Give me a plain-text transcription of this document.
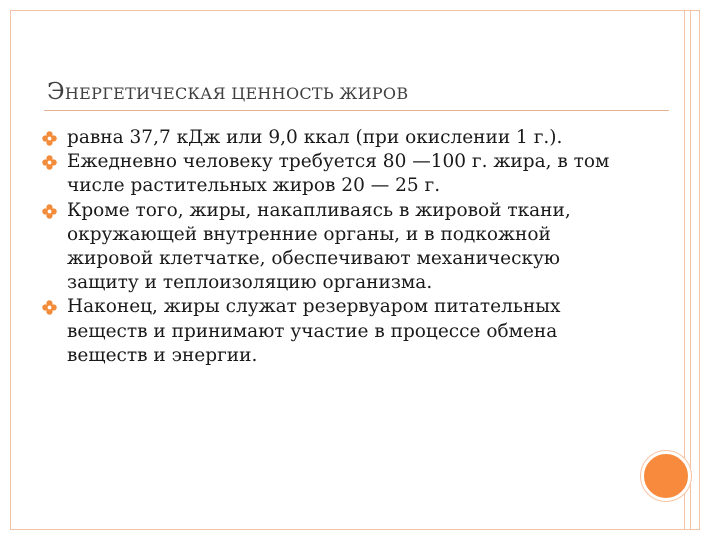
ЭНЕРГЕТИЧЕСКАЯ ЦЕННОСТЬ ЖИРОВ
равна 37,7 кДж или 9,0 ккал (при окислении 1 г.).
Ежедневно человеку требуется 80 —100 г. жира, в том числе растительных жиров 20 — 25 г.
Кроме того, жиры, накапливаясь в жировой ткани, окружающей внутренние органы, и в подкожной жировой клетчатке, обеспечивают механическую защиту и теплоизоляцию организма.
Наконец, жиры служат резервуаром питательных веществ и принимают участие в процессе обмена веществ и энергии.
